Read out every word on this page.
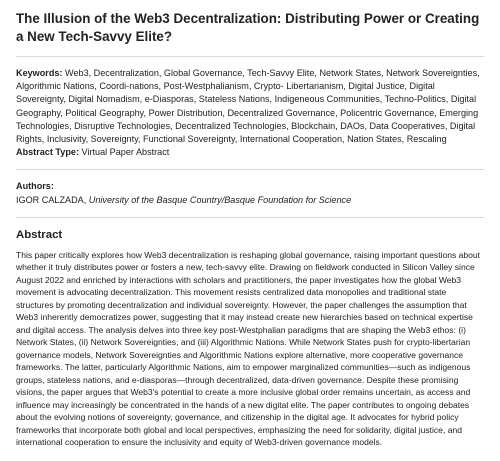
The Illusion of the Web3 Decentralization: Distributing Power or Creating a New Tech-Savvy Elite?

Keywords: Web3, Decentralization, Global Governance, Tech-Savvy Elite, Network States, Network Sovereignties, Algorithmic Nations, Coordi-nations, Post-Westphalianism, Crypto- Libertarianism, Digital Justice, Digital Sovereignty, Digital Nomadism, e-Diasporas, Stateless Nations, Indigeneous Communities, Techno-Politics, Digital Geography, Political Geography, Power Distribution, Decentralized Governance, Policentric Governance, Emerging Technologies, Disruptive Technologies, Decentralized Technologies, Blockchain, DAOs, Data Cooperatives, Digital Rights, Inclusivity, Sovereignty, Functional Sovereignty, International Cooperation, Nation States, Rescaling

Abstract Type: Virtual Paper Abstract

Authors:

IGOR CALZADA, University of the Basque Country/Basque Foundation for Science

Abstract

This paper critically explores how Web3 decentralization is reshaping global governance, raising important questions about whether it truly distributes power or fosters a new, tech-savvy elite. Drawing on fieldwork conducted in Silicon Valley since August 2022 and enriched by interactions with scholars and practitioners, the paper investigates how the global Web3 movement is advocating decentralization. This movement resists centralized data monopolies and traditional state structures by promoting decentralization and individual sovereignty. However, the paper challenges the assumption that Web3 inherently democratizes power, suggesting that it may instead create new hierarchies based on technical expertise and digital access. The analysis delves into three key post-Westphalian paradigms that are shaping the Web3 ethos: (i) Network States, (ii) Network Sovereignties, and (iii) Algorithmic Nations. While Network States push for crypto-libertarian governance models, Network Sovereignties and Algorithmic Nations explore alternative, more cooperative governance frameworks. The latter, particularly Algorithmic Nations, aim to empower marginalized communities—such as indigenous groups, stateless nations, and e-diasporas—through decentralized, data-driven governance. Despite these promising visions, the paper argues that Web3's potential to create a more inclusive global order remains uncertain, as access and influence may increasingly be concentrated in the hands of a new digital elite. The paper contributes to ongoing debates about the evolving notions of sovereignty, governance, and citizenship in the digital age. It advocates for hybrid policy frameworks that incorporate both global and local perspectives, emphasizing the need for solidarity, digital justice, and international cooperation to ensure the inclusivity and equity of Web3-driven governance models.
